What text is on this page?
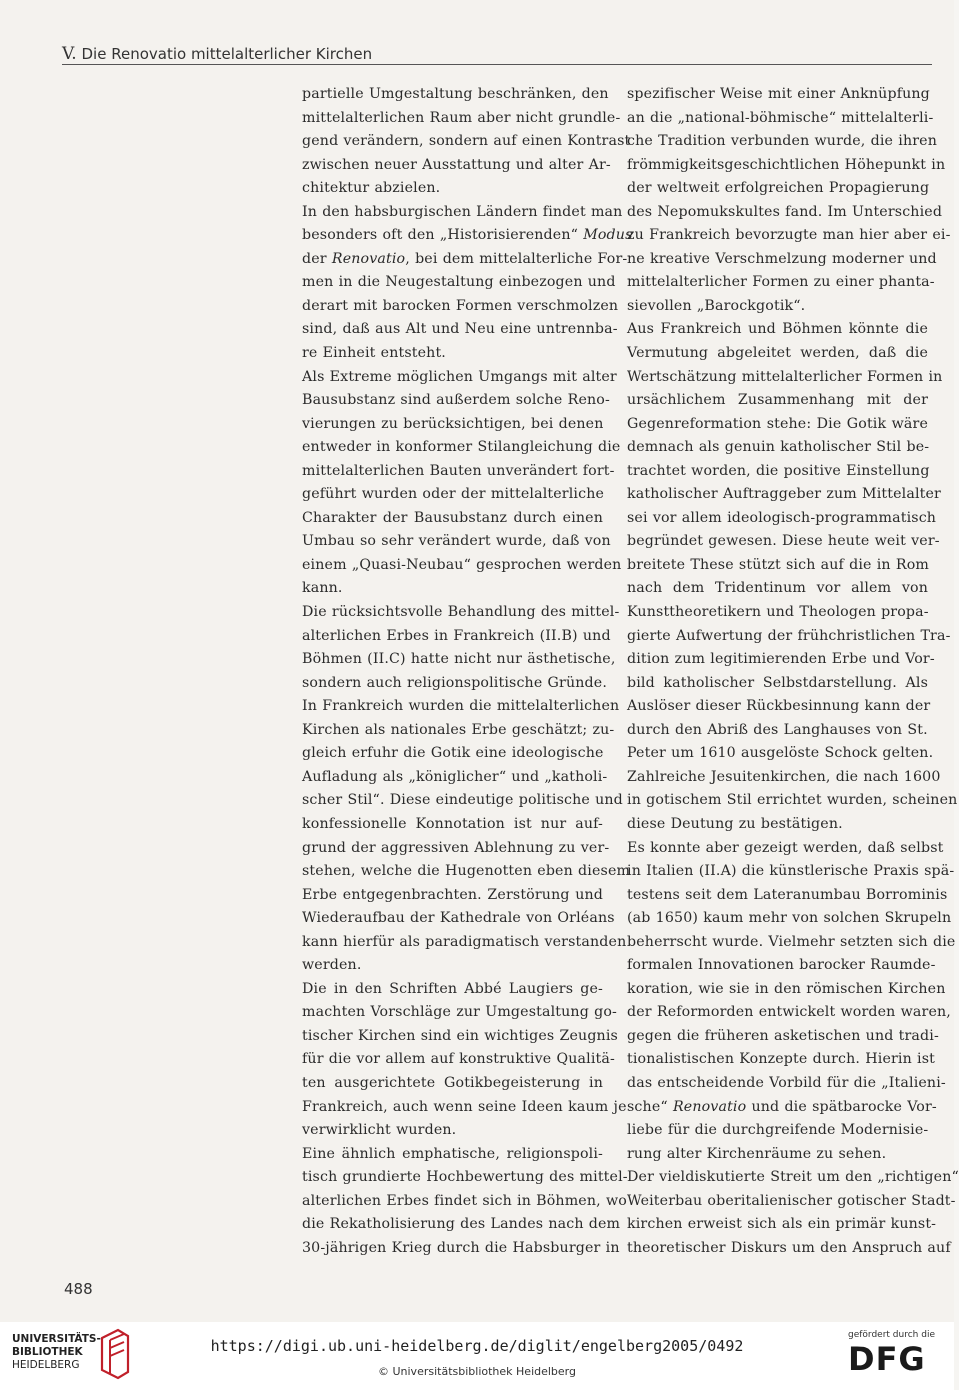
V. Die Renovatio mittelalterlicher Kirchen
partielle Umgestaltung beschränken, den
mittelalterlichen Raum aber nicht grundle-
gend verändern, sondern auf einen Kontrast
zwischen neuer Ausstattung und alter Ar-
chitektur abzielen.
In den habsburgischen Ländern findet man
besonders oft den „Historisierenden“ Modus
der Renovatio, bei dem mittelalterliche For-
men in die Neugestaltung einbezogen und
derart mit barocken Formen verschmolzen
sind, daß aus Alt und Neu eine untrennba-
re Einheit entsteht.
Als Extreme möglichen Umgangs mit alter
Bausubstanz sind außerdem solche Reno-
vierungen zu berücksichtigen, bei denen
entweder in konformer Stilangleichung die
mittelalterlichen Bauten unverändert fort-
geführt wurden oder der mittelalterliche
Charakter der Bausubstanz durch einen
Umbau so sehr verändert wurde, daß von
einem „Quasi-Neubau“ gesprochen werden
kann.
Die rücksichtsvolle Behandlung des mittel-
alterlichen Erbes in Frankreich (II.B) und
Böhmen (II.C) hatte nicht nur ästhetische,
sondern auch religionspolitische Gründe.
In Frankreich wurden die mittelalterlichen
Kirchen als nationales Erbe geschätzt; zu-
gleich erfuhr die Gotik eine ideologische
Aufladung als „königlicher“ und „katholi-
scher Stil“. Diese eindeutige politische und
konfessionelle Konnotation ist nur auf-
grund der aggressiven Ablehnung zu ver-
stehen, welche die Hugenotten eben diesem
Erbe entgegenbrachten. Zerstörung und
Wiederaufbau der Kathedrale von Orléans
kann hierfür als paradigmatisch verstanden
werden.
Die in den Schriften Abbé Laugiers ge-
machten Vorschläge zur Umgestaltung go-
tischer Kirchen sind ein wichtiges Zeugnis
für die vor allem auf konstruktive Qualitä-
ten ausgerichtete Gotikbegeisterung in
Frankreich, auch wenn seine Ideen kaum je
verwirklicht wurden.
Eine ähnlich emphatische, religionspoli-
tisch grundierte Hochbewertung des mittel-
alterlichen Erbes findet sich in Böhmen, wo
die Rekatholisierung des Landes nach dem
30-jährigen Krieg durch die Habsburger in
spezifischer Weise mit einer Anknüpfung
an die „national-böhmische“ mittelalterli-
che Tradition verbunden wurde, die ihren
frömmigkeitsgeschichtlichen Höhepunkt in
der weltweit erfolgreichen Propagierung
des Nepomukskultes fand. Im Unterschied
zu Frankreich bevorzugte man hier aber ei-
ne kreative Verschmelzung moderner und
mittelalterlicher Formen zu einer phanta-
sievollen „Barockgotik“.
Aus Frankreich und Böhmen könnte die
Vermutung abgeleitet werden, daß die
Wertschätzung mittelalterlicher Formen in
ursächlichem Zusammenhang mit der
Gegenreformation stehe: Die Gotik wäre
demnach als genuin katholischer Stil be-
trachtet worden, die positive Einstellung
katholischer Auftraggeber zum Mittelalter
sei vor allem ideologisch-programmatisch
begründet gewesen. Diese heute weit ver-
breitete These stützt sich auf die in Rom
nach dem Tridentinum vor allem von
Kunsttheoretikern und Theologen propa-
gierte Aufwertung der frühchristlichen Tra-
dition zum legitimierenden Erbe und Vor-
bild katholischer Selbstdarstellung. Als
Auslöser dieser Rückbesinnung kann der
durch den Abriß des Langhauses von St.
Peter um 1610 ausgelöste Schock gelten.
Zahlreiche Jesuitenkirchen, die nach 1600
in gotischem Stil errichtet wurden, scheinen
diese Deutung zu bestätigen.
Es konnte aber gezeigt werden, daß selbst
in Italien (II.A) die künstlerische Praxis spä-
testens seit dem Lateranumbau Borrominis
(ab 1650) kaum mehr von solchen Skrupeln
beherrscht wurde. Vielmehr setzten sich die
formalen Innovationen barocker Raumde-
koration, wie sie in den römischen Kirchen
der Reformorden entwickelt worden waren,
gegen die früheren asketischen und tradi-
tionalistischen Konzepte durch. Hierin ist
das entscheidende Vorbild für die „Italieni-
sche“ Renovatio und die spätbarocke Vor-
liebe für die durchgreifende Modernisie-
rung alter Kirchenräume zu sehen.
Der vieldiskutierte Streit um den „richtigen“
Weiterbau oberitalienischer gotischer Stadt-
kirchen erweist sich als ein primär kunst-
theoretischer Diskurs um den Anspruch auf
488
UNIVERSITÄTS-
BIBLIOTHEK
HEIDELBERG
https://digi.ub.uni-heidelberg.de/diglit/engelberg2005/0492
© Universitätsbibliothek Heidelberg
gefördert durch die
DFG
